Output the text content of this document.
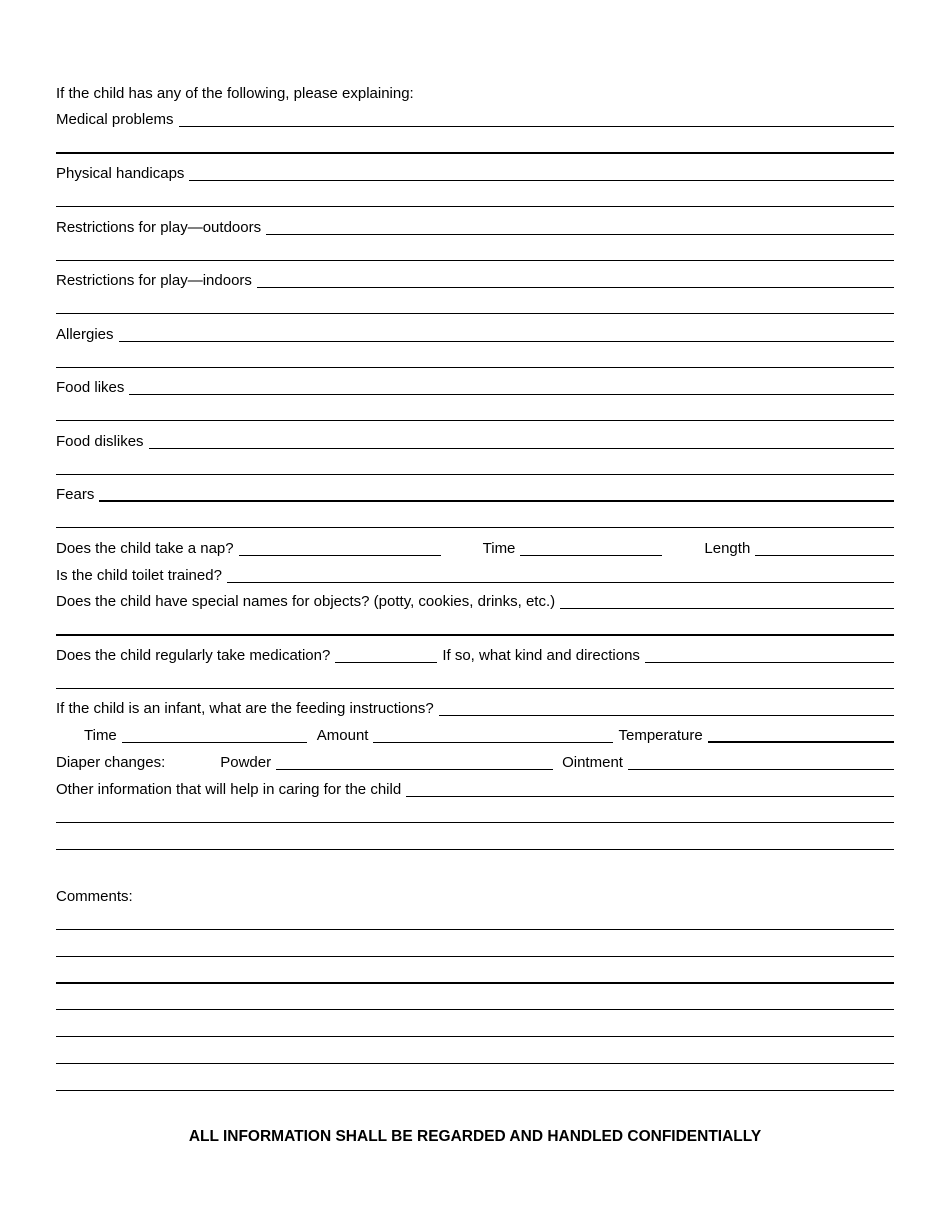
If the child has any of the following, please explaining:
Medical problems
Physical handicaps
Restrictions for play—outdoors
Restrictions for play—indoors
Allergies
Food likes
Food dislikes
Fears
Does the child take a nap?	Time	Length
Is the child toilet trained?
Does the child have special names for objects? (potty, cookies, drinks, etc.)
Does the child regularly take medication?	If so, what kind and directions
If the child is an infant, what are the feeding instructions?
Time	Amount	Temperature
Diaper changes:	Powder	Ointment
Other information that will help in caring for the child
Comments:
ALL INFORMATION SHALL BE REGARDED AND HANDLED CONFIDENTIALLY
